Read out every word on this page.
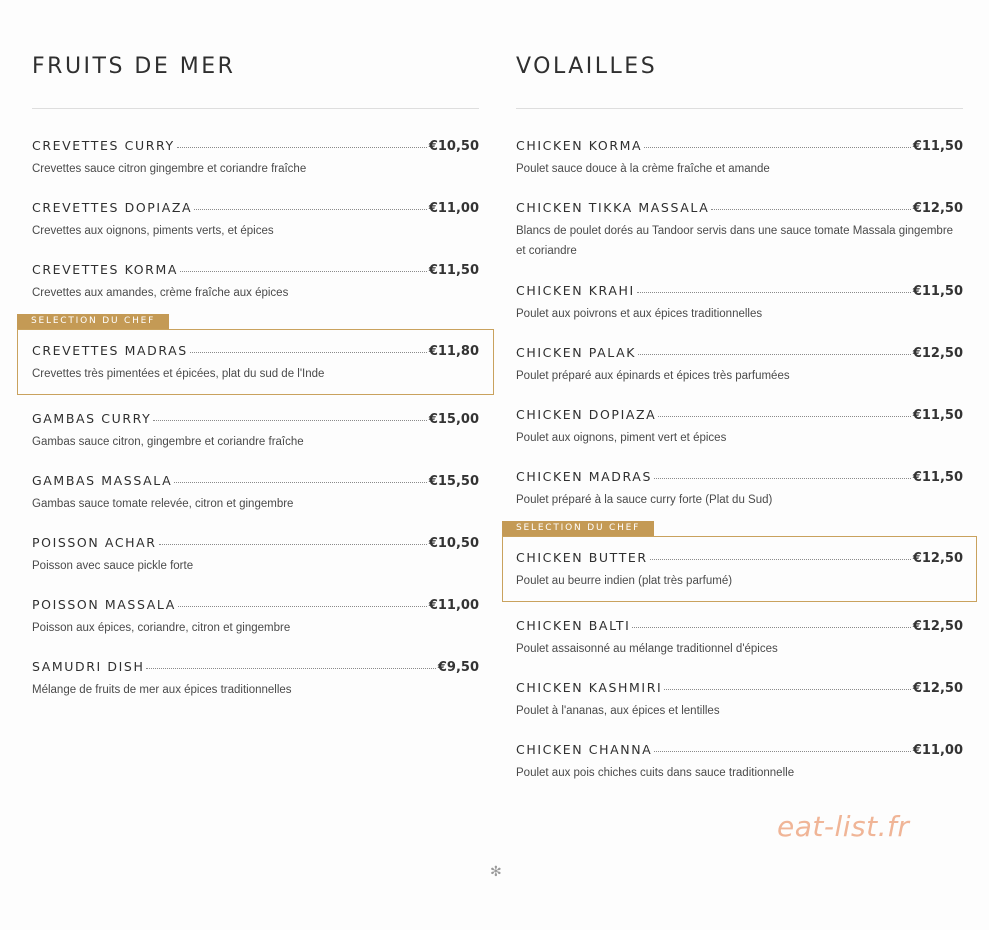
FRUITS DE MER
SELECTION DU CHEF
CREVETTES CURRY	€10,50
Crevettes sauce citron gingembre et coriandre fraîche
CREVETTES DOPIAZA	€11,00
Crevettes aux oignons, piments verts, et épices
CREVETTES KORMA	€11,50
Crevettes aux amandes, crème fraîche aux épices
CREVETTES MADRAS	€11,80
Crevettes très pimentées et épicées, plat du sud de l'Inde
GAMBAS CURRY	€15,00
Gambas sauce citron, gingembre et coriandre fraîche
GAMBAS MASSALA	€15,50
Gambas sauce tomate relevée, citron et gingembre
POISSON ACHAR	€10,50
Poisson avec sauce pickle forte
POISSON MASSALA	€11,00
Poisson aux épices, coriandre, citron et gingembre
SAMUDRI DISH	€9,50
Mélange de fruits de mer aux épices traditionnelles
VOLAILLES
SELECTION DU CHEF
CHICKEN KORMA	€11,50
Poulet sauce douce à la crème fraîche et amande
CHICKEN TIKKA MASSALA	€12,50
Blancs de poulet dorés au Tandoor servis dans une sauce tomate Massala gingembre et coriandre
CHICKEN KRAHI	€11,50
Poulet aux poivrons et aux épices traditionnelles
CHICKEN PALAK	€12,50
Poulet préparé aux épinards et épices très parfumées
CHICKEN DOPIAZA	€11,50
Poulet aux oignons, piment vert et épices
CHICKEN MADRAS	€11,50
Poulet préparé à la sauce curry forte (Plat du Sud)
CHICKEN BUTTER	€12,50
Poulet au beurre indien (plat très parfumé)
CHICKEN BALTI	€12,50
Poulet assaisonné au mélange traditionnel d'épices
CHICKEN KASHMIRI	€12,50
Poulet à l'ananas, aux épices et lentilles
CHICKEN CHANNA	€11,00
Poulet aux pois chiches cuits dans sauce traditionnelle
eat-list.fr
✻
